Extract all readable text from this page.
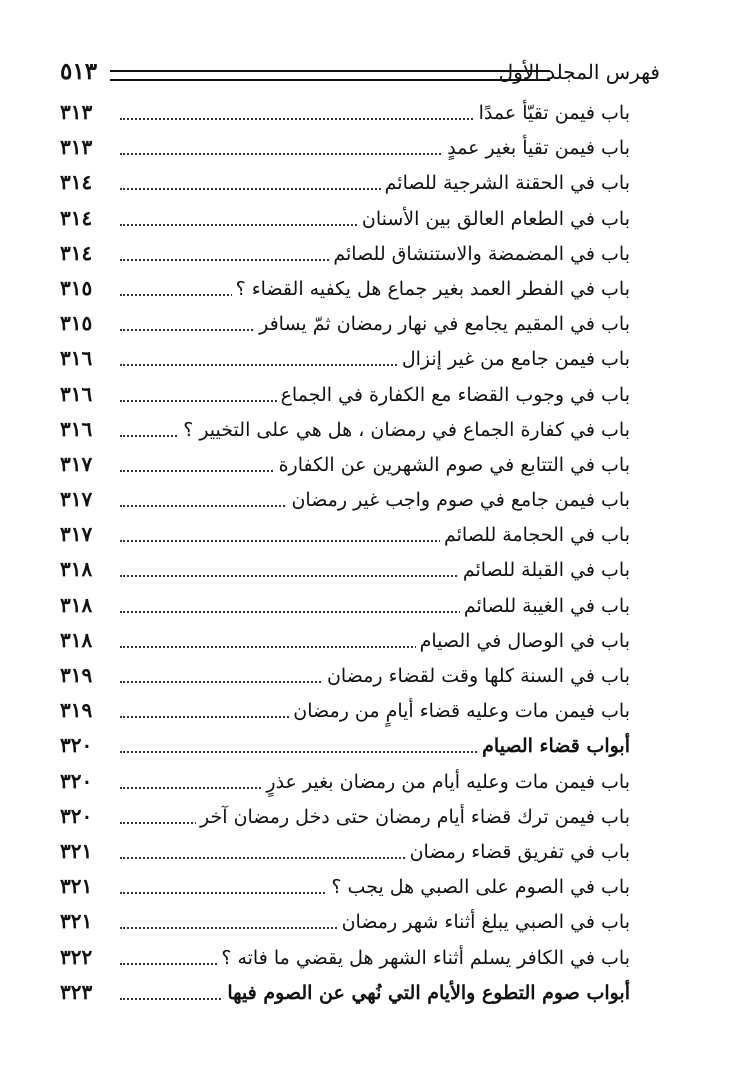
فهرس المجلد الأول
٥١٣
باب فيمن تقيّأ عمدًا
٣١٣
باب فيمن تقيأ بغير عمدٍ
٣١٣
باب في الحقنة الشرجية للصائم
٣١٤
باب في الطعام العالق بين الأسنان
٣١٤
باب في المضمضة والاستنشاق للصائم
٣١٤
باب في الفطر العمد بغير جماع هل يكفيه القضاء ؟
٣١٥
باب في المقيم يجامع في نهار رمضان ثمّ يسافر
٣١٥
باب فيمن جامع من غير إنزال
٣١٦
باب في وجوب القضاء مع الكفارة في الجماع
٣١٦
باب في كفارة الجماع في رمضان ، هل هي على التخيير ؟
٣١٦
باب في التتابع في صوم الشهرين عن الكفارة
٣١٧
باب فيمن جامع في صوم واجب غير رمضان
٣١٧
باب في الحجامة للصائم
٣١٧
باب في القبلة للصائم
٣١٨
باب في الغيبة للصائم
٣١٨
باب في الوصال في الصيام
٣١٨
باب في السنة كلها وقت لقضاء رمضان
٣١٩
باب فيمن مات وعليه قضاء أيامٍ من رمضان
٣١٩
أبواب قضاء الصيام
٣٢٠
باب فيمن مات وعليه أيام من رمضان بغير عذرٍ
٣٢٠
باب فيمن ترك قضاء أيام رمضان حتى دخل رمضان آخر
٣٢٠
باب في تفريق قضاء رمضان
٣٢١
باب في الصوم على الصبي هل يجب ؟
٣٢١
باب في الصبي يبلغ أثناء شهر رمضان
٣٢١
باب في الكافر يسلم أثناء الشهر هل يقضي ما فاته ؟
٣٢٢
أبواب صوم التطوع والأيام التي نُهي عن الصوم فيها
٣٢٣
